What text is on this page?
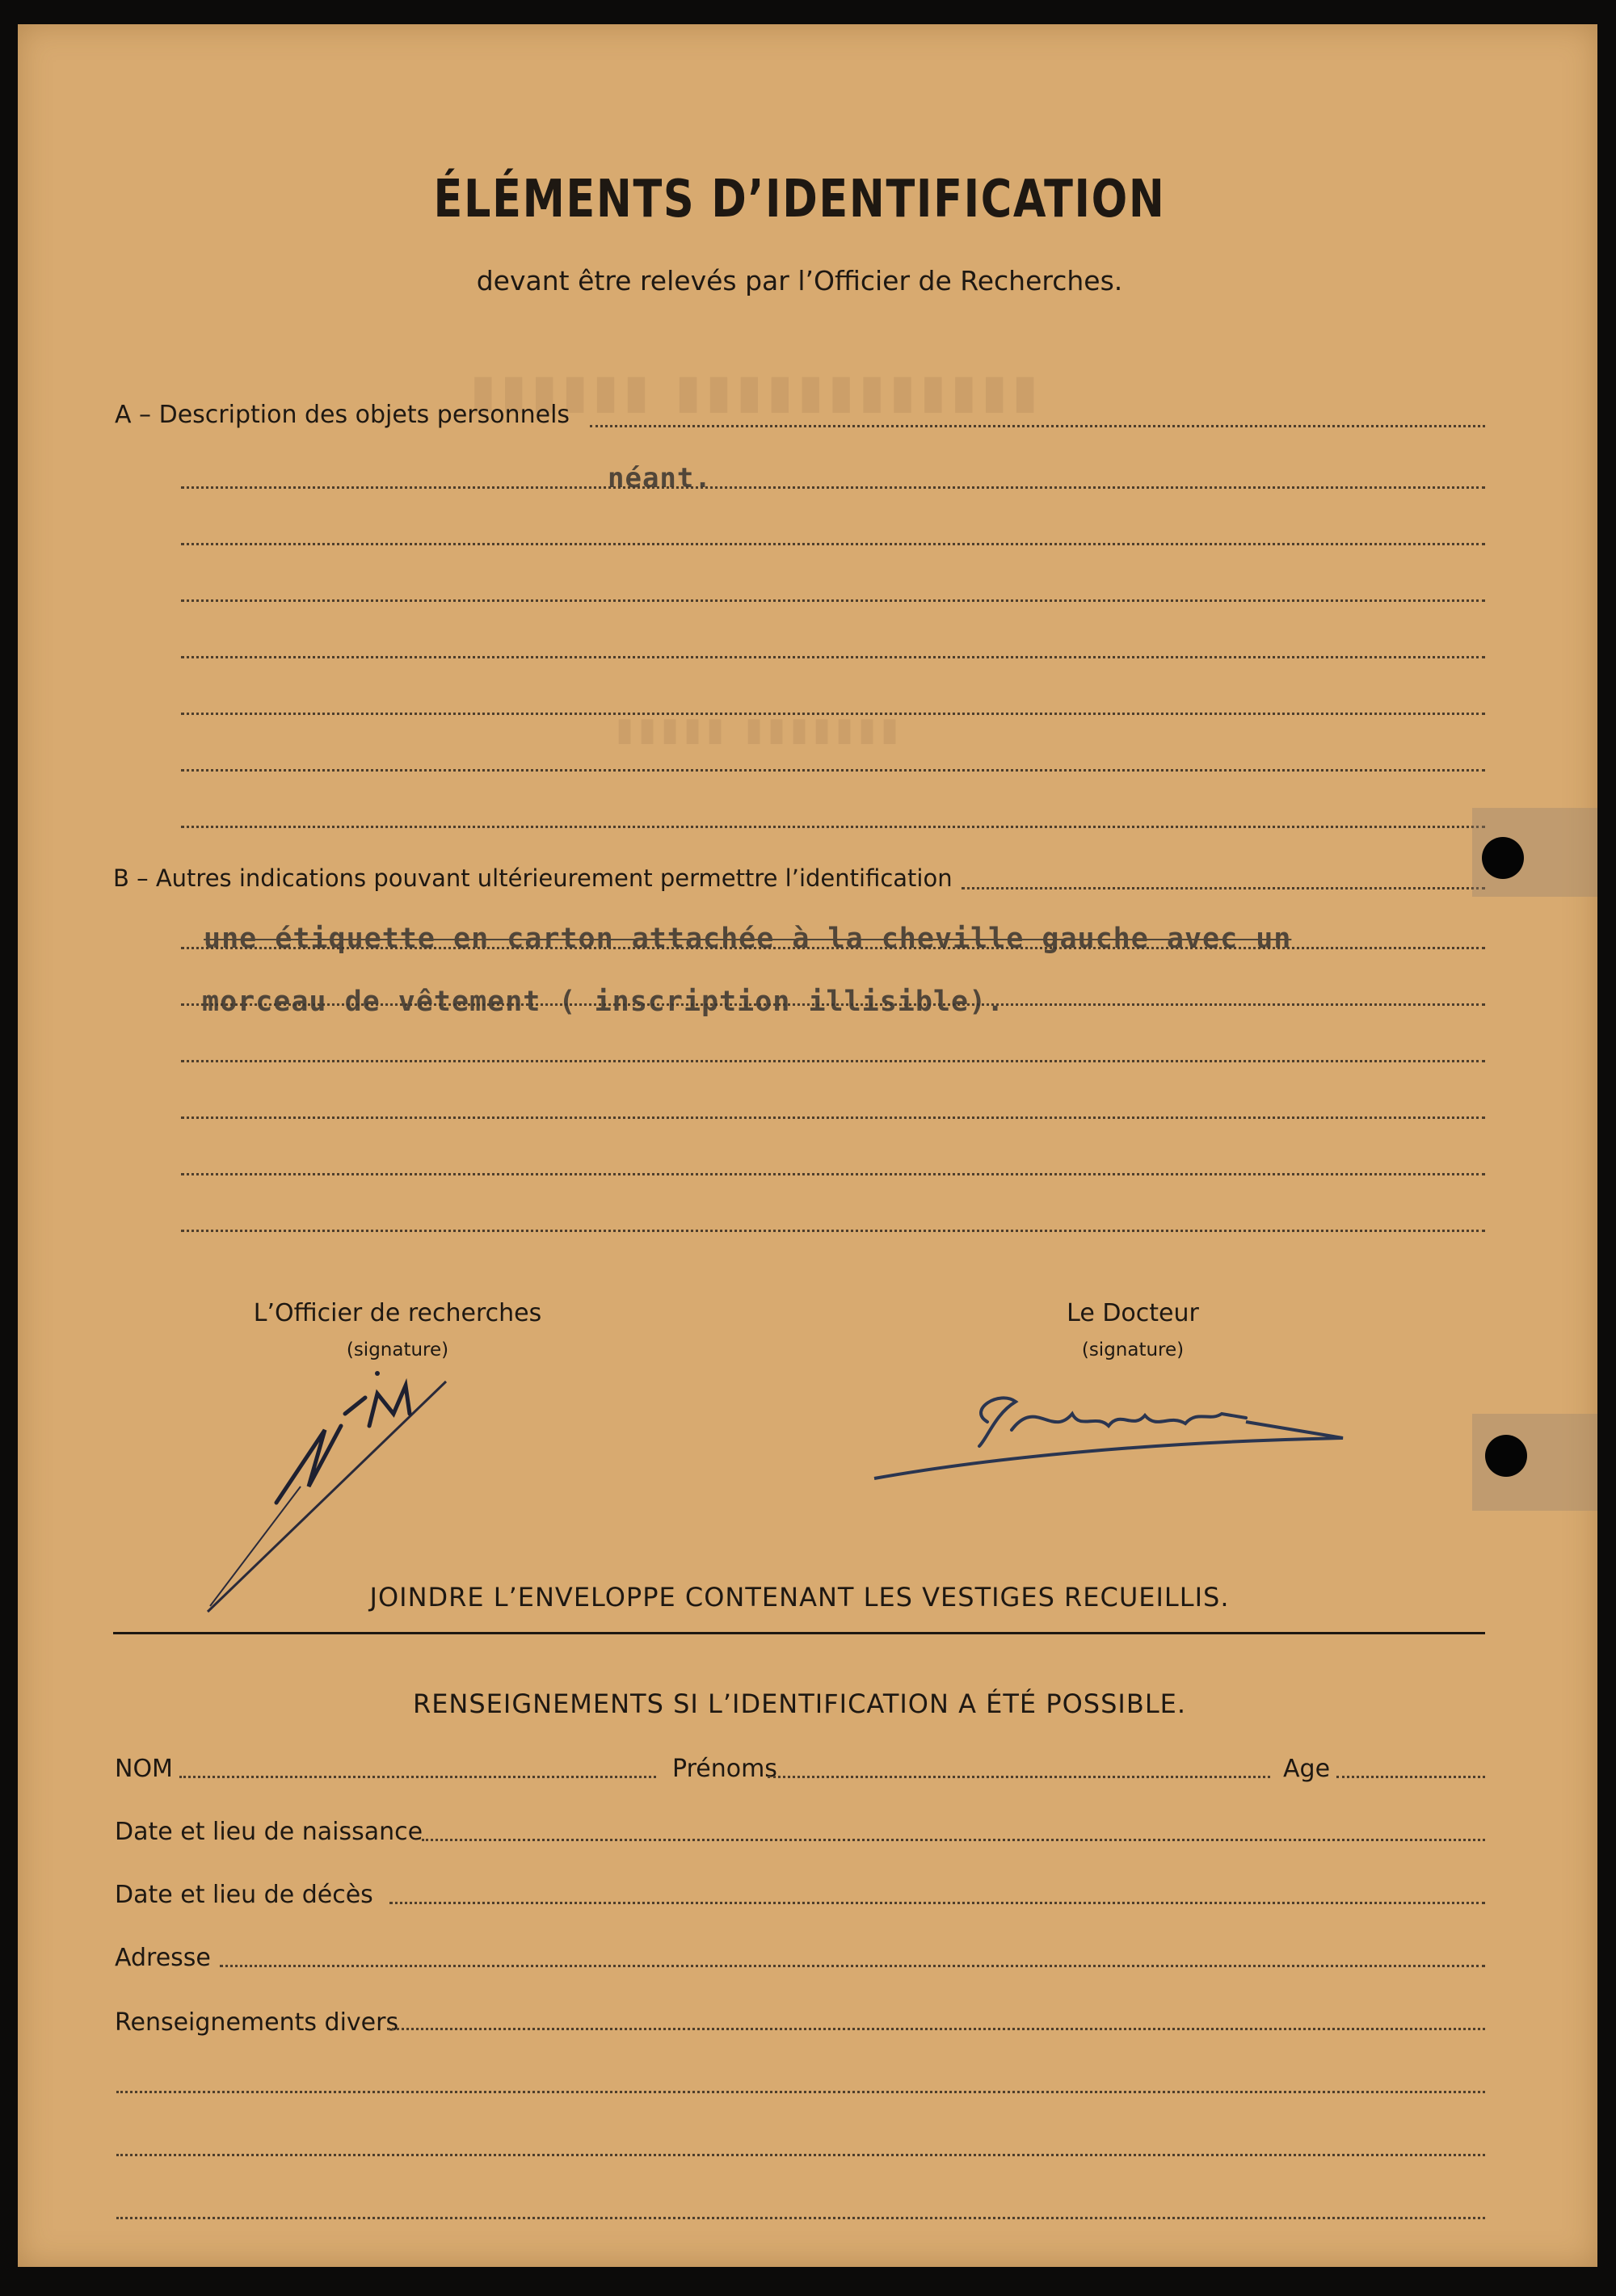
▮▮▮▮▮▮ ▮▮▮▮▮▮▮▮▮▮▮▮
▮▮▮▮▮ ▮▮▮▮▮▮▮
ÉLÉMENTS D’IDENTIFICATION
devant être relevés par l’Officier de Recherches.
A – Description des objets personnels
néant.
B – Autres indications pouvant ultérieurement permettre l’identification
une étiquette en carton attachée à la cheville gauche avec un
morceau de vêtement ( inscription illisible).
L’Officier de recherches
(signature)
Le Docteur
(signature)
JOINDRE L’ENVELOPPE CONTENANT LES VESTIGES RECUEILLIS.
RENSEIGNEMENTS SI L’IDENTIFICATION A ÉTÉ POSSIBLE.
NOM	Prénoms	Age
Date et lieu de naissance
Date et lieu de décès
Adresse
Renseignements divers
